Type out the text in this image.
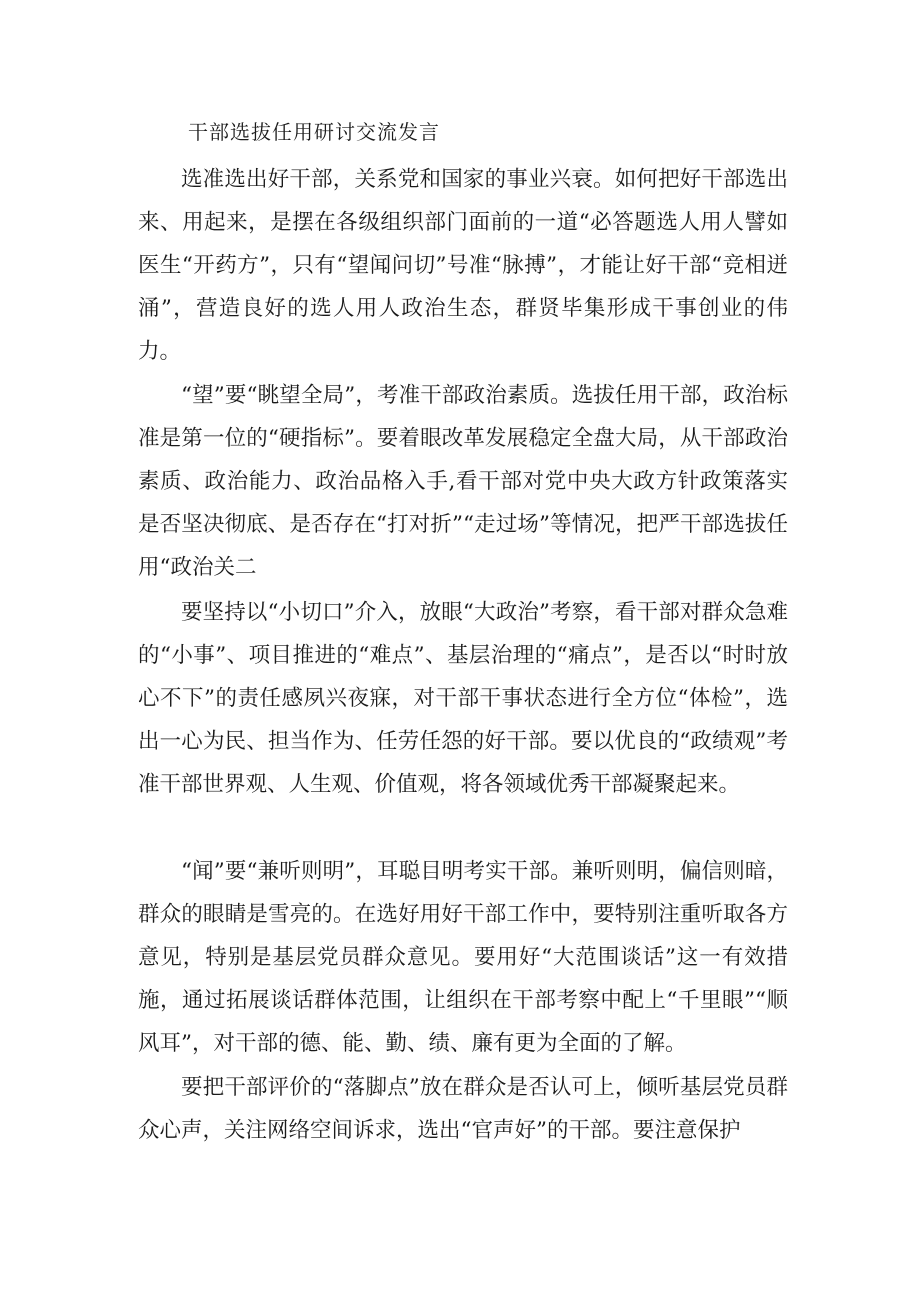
干部选拔任用研讨交流发言

选准选出好干部，关系党和国家的事业兴衰。如何把好干部选出来、用起来，是摆在各级组织部门面前的一道“必答题选人用人譬如医生“开药方”，只有“望闻问切”号准“脉搏”，才能让好干部“竞相迸涌”，营造良好的选人用人政治生态，群贤毕集形成干事创业的伟力。

“望”要“眺望全局”，考准干部政治素质。选拔任用干部，政治标准是第一位的“硬指标”。要着眼改革发展稳定全盘大局，从干部政治素质、政治能力、政治品格入手,看干部对党中央大政方针政策落实是否坚决彻底、是否存在“打对折”“走过场”等情况，把严干部选拔任用“政治关二

要坚持以“小切口”介入，放眼“大政治”考察，看干部对群众急难的“小事”、项目推进的“难点”、基层治理的“痛点”，是否以“时时放心不下”的责任感夙兴夜寐，对干部干事状态进行全方位“体检”，选出一心为民、担当作为、任劳任怨的好干部。要以优良的“政绩观”考准干部世界观、人生观、价值观，将各领域优秀干部凝聚起来。

“闻”要“兼听则明”，耳聪目明考实干部。兼听则明，偏信则暗，群众的眼睛是雪亮的。在选好用好干部工作中，要特别注重听取各方意见，特别是基层党员群众意见。要用好“大范围谈话”这一有效措施，通过拓展谈话群体范围，让组织在干部考察中配上“千里眼”“顺风耳”，对干部的德、能、勤、绩、廉有更为全面的了解。

要把干部评价的“落脚点”放在群众是否认可上，倾听基层党员群众心声，关注网络空间诉求，选出“官声好”的干部。要注意保护
